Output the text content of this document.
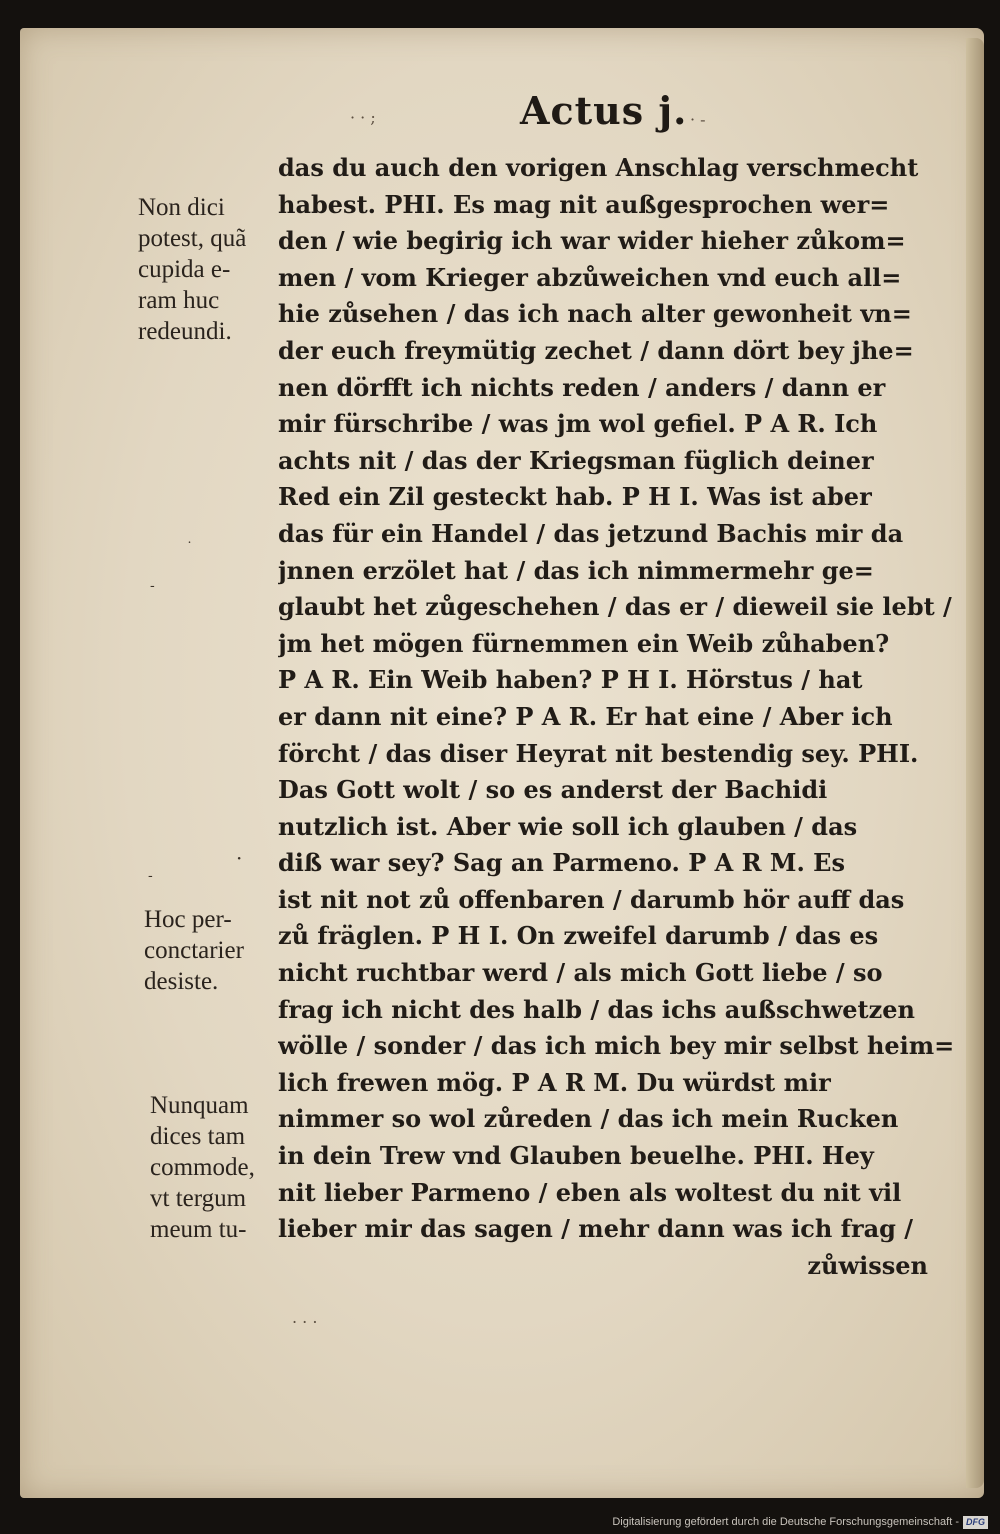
· · ;	Actus j. · -
das du auch den vorigen Anschlag verschmecht
habest. PHI. Es mag nit außgesprochen wer=
den / wie begirig ich war wider hieher zůkom=
men / vom Krieger abzůweichen vnd euch all=
hie zůsehen / das ich nach alter gewonheit vn=
der euch freymütig zechet / dann dört bey jhe=
nen dörfft ich nichts reden / anders / dann er
mir fürschribe / was jm wol gefiel. P A R. Ich
achts nit / das der Kriegsman füglich deiner
Red ein Zil gesteckt hab. P H I. Was ist aber
das für ein Handel / das jetzund Bachis mir da
jnnen erzölet hat / das ich nimmermehr ge=
glaubt het zůgeschehen / das er / dieweil sie lebt /
jm het mögen fürnemmen ein Weib zůhaben?
P A R. Ein Weib haben? P H I. Hörstus / hat
er dann nit eine? P A R. Er hat eine / Aber ich
förcht / das diser Heyrat nit bestendig sey. PHI.
Das Gott wolt / so es anderst der Bachidi
nutzlich ist. Aber wie soll ich glauben / das
diß war sey? Sag an Parmeno. P A R M. Es
ist nit not zů offenbaren / darumb hör auff das
zů fräglen. P H I. On zweifel darumb / das es
nicht ruchtbar werd / als mich Gott liebe / so
frag ich nicht des halb / das ichs außschwetzen
wölle / sonder / das ich mich bey mir selbst heim=
lich frewen mög. P A R M. Du würdst mir
nimmer so wol zůreden / das ich mein Rucken
in dein Trew vnd Glauben beuelhe. PHI. Hey
nit lieber Parmeno / eben als woltest du nit vil
lieber mir das sagen / mehr dann was ich frag /
zůwissen
Non dici
potest, quã
cupida e-
ram huc
redeundi.
Hoc per-
conctarier
desiste.
Nunquam
dices tam
commode,
vt tergum
meum tu-
˙
-
·
-
. . .
Digitalisierung gefördert durch die Deutsche Forschungsgemeinschaft - DFG
